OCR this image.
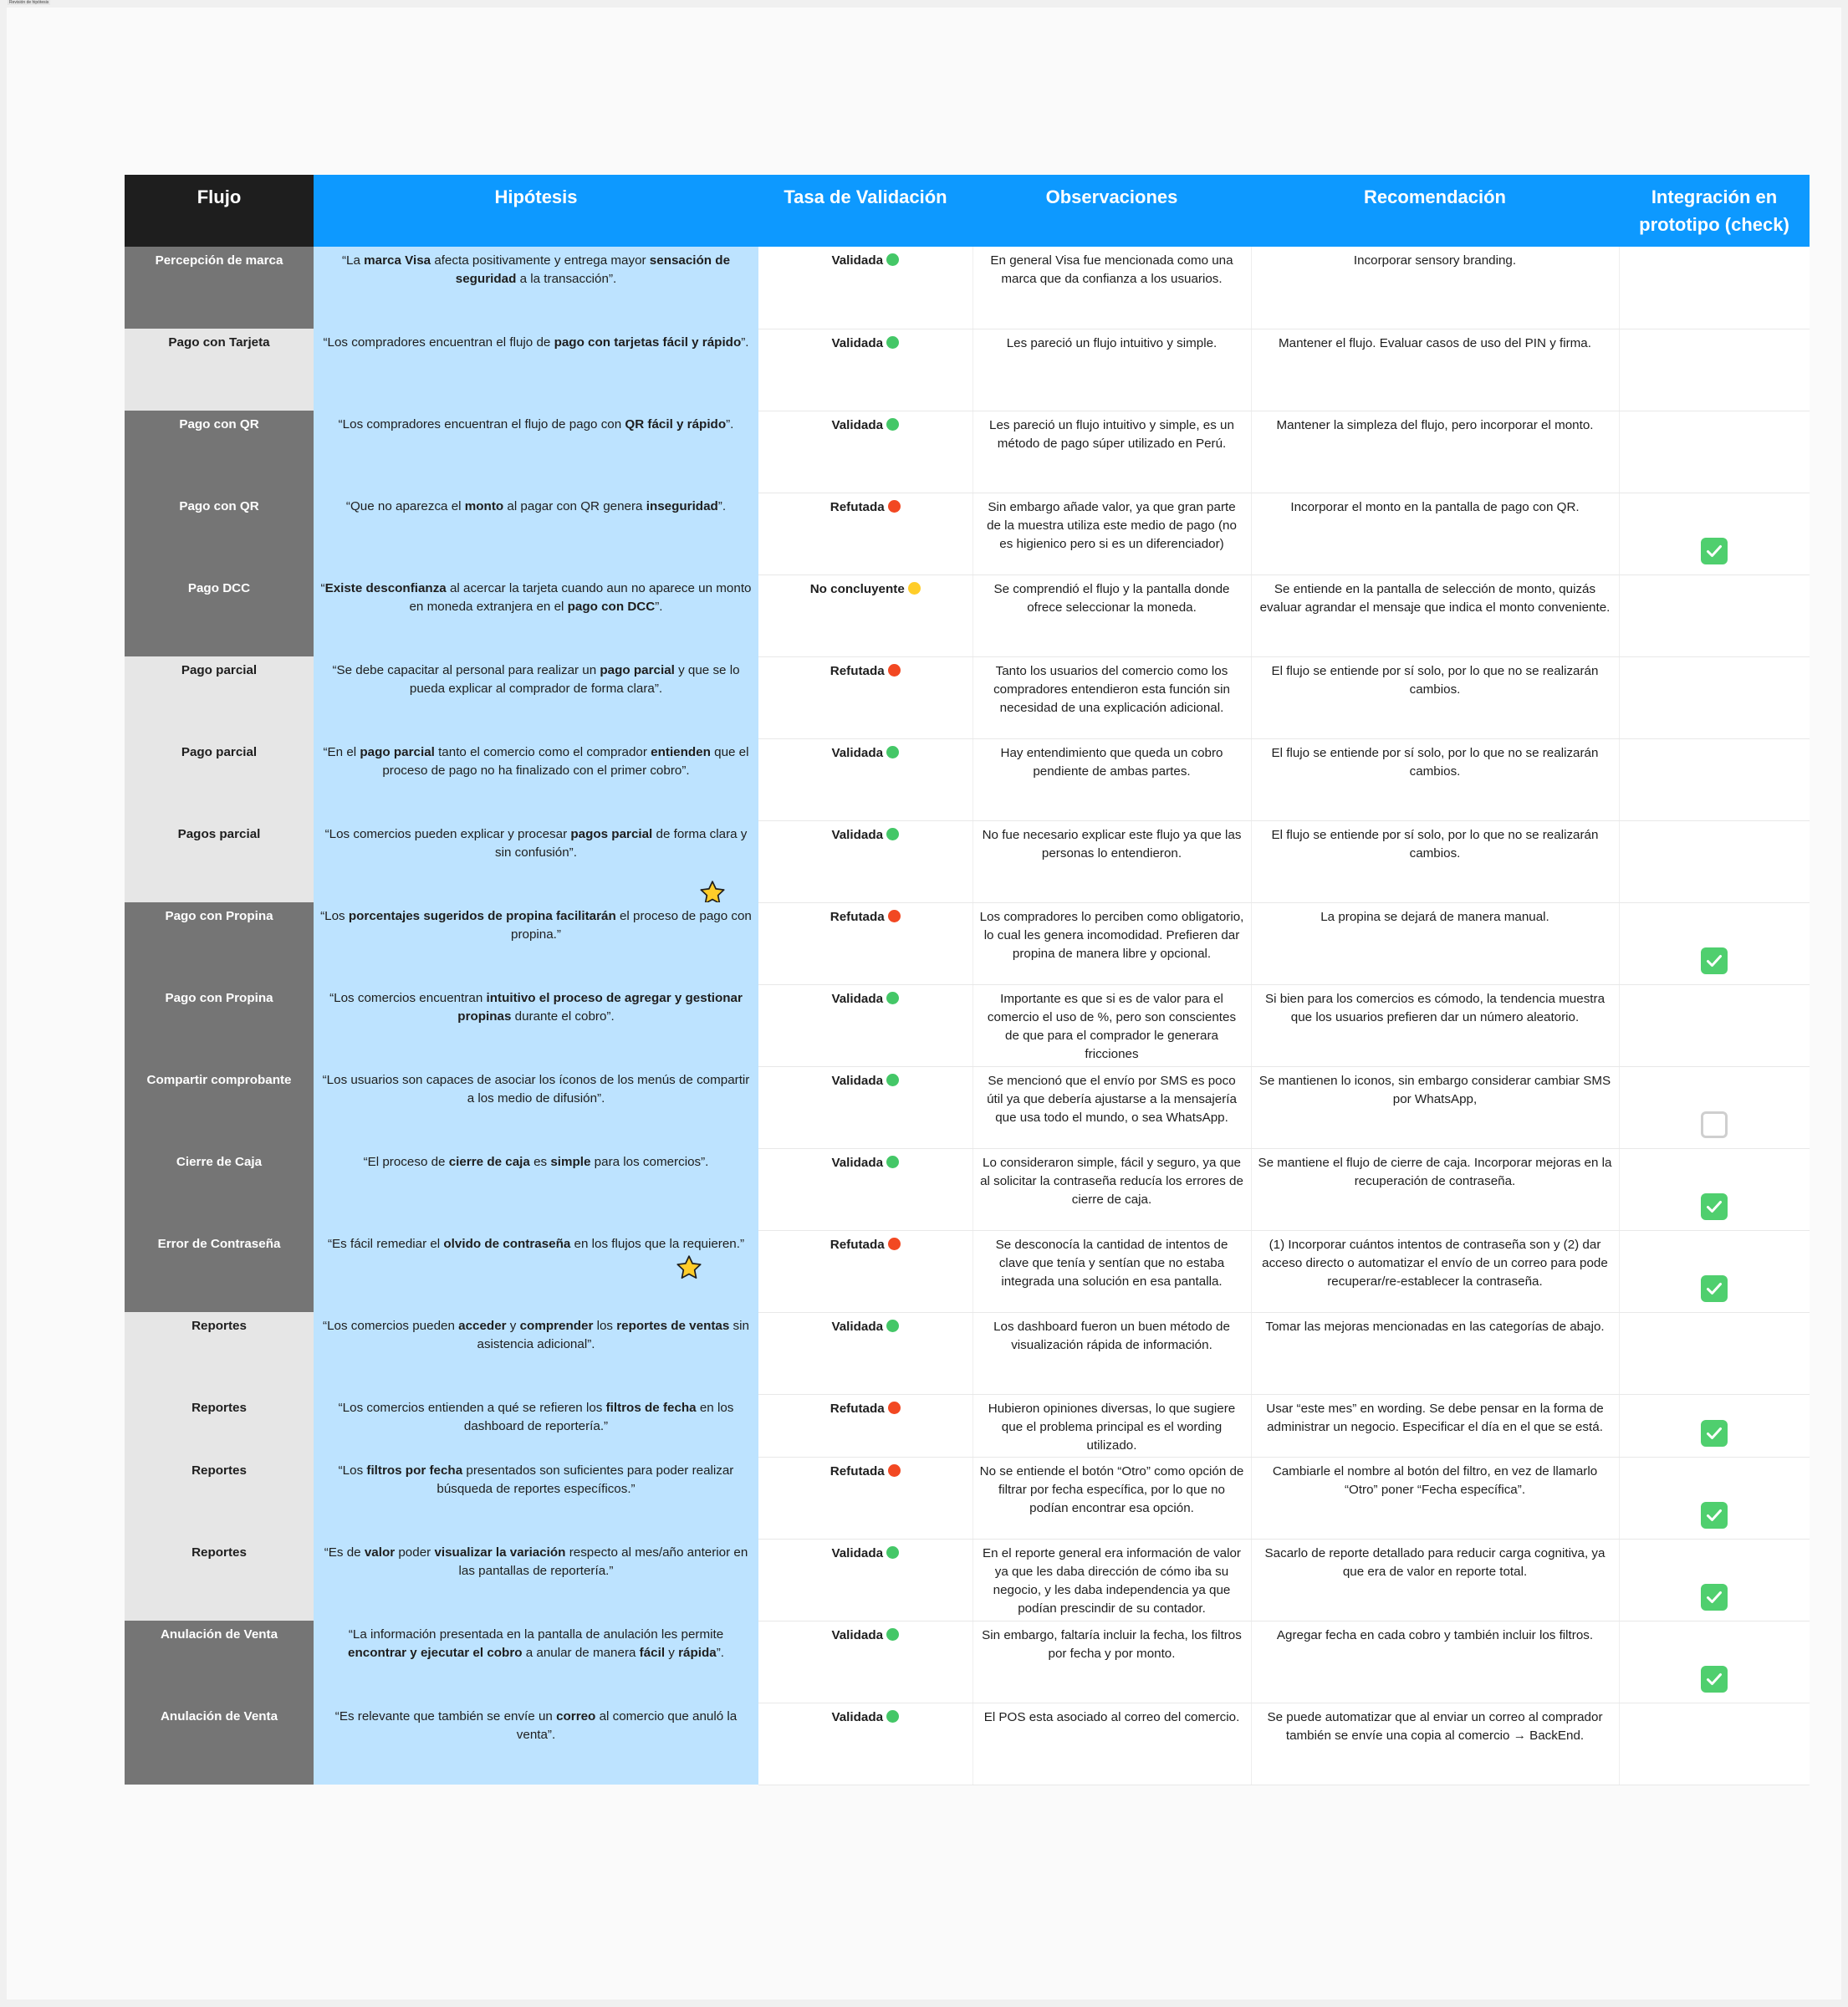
Revisión de hipótesis
Flujo	Hipótesis	Tasa de Validación	Observaciones	Recomendación	Integración en prototipo (check)
Percepción de marca	“La marca Visa afecta positivamente y entrega mayor sensación de seguridad a la transacción”.	Validada	En general Visa fue mencionada como una marca que da confianza a los usuarios.	Incorporar sensory branding.	
Pago con Tarjeta	“Los compradores encuentran el flujo de pago con tarjetas fácil y rápido”.	Validada	Les pareció un flujo intuitivo y simple.	Mantener el flujo. Evaluar casos de uso del PIN y firma.	
Pago con QR	“Los compradores encuentran el flujo de pago con QR fácil y rápido”.	Validada	Les pareció un flujo intuitivo y simple, es un método de pago súper utilizado en Perú.	Mantener la simpleza del flujo, pero incorporar el monto.	
Pago con QR	“Que no aparezca el monto al pagar con QR genera inseguridad”.	Refutada	Sin embargo añade valor, ya que gran parte de la muestra utiliza este medio de pago (no es higienico pero si es un diferenciador)	Incorporar el monto en la pantalla de pago con QR.	

Pago DCC	“Existe desconfianza al acercar la tarjeta cuando aun no aparece un monto en moneda extranjera en el pago con DCC”.	No concluyente	Se comprendió el flujo y la pantalla donde ofrece seleccionar la moneda.	Se entiende en la pantalla de selección de monto, quizás evaluar agrandar el mensaje que indica el monto conveniente.	
Pago parcial	“Se debe capacitar al personal para realizar un pago parcial y que se lo pueda explicar al comprador de forma clara”.	Refutada	Tanto los usuarios del comercio como los compradores entendieron esta función sin necesidad de una explicación adicional.	El flujo se entiende por sí solo, por lo que no se realizarán cambios.	
Pago parcial	“En el pago parcial tanto el comercio como el comprador entienden que el proceso de pago no ha finalizado con el primer cobro”.	Validada	Hay entendimiento que queda un cobro pendiente de ambas partes.	El flujo se entiende por sí solo, por lo que no se realizarán cambios.	
Pagos parcial	“Los comercios pueden explicar y procesar pagos parcial de forma clara y sin confusión”.	Validada	No fue necesario explicar este flujo ya que las personas lo entendieron.	El flujo se entiende por sí solo, por lo que no se realizarán cambios.	
Pago con Propina	“Los porcentajes sugeridos de propina facilitarán el proceso de pago con propina.”	Refutada	Los compradores lo perciben como obligatorio, lo cual les genera incomodidad. Prefieren dar propina de manera libre y opcional.	La propina se dejará de manera manual.	

Pago con Propina	“Los comercios encuentran intuitivo el proceso de agregar y gestionar propinas durante el cobro”.	Validada	Importante es que si es de valor para el comercio el uso de %, pero son conscientes de que para el comprador le generara fricciones	Si bien para los comercios es cómodo, la tendencia muestra que los usuarios prefieren dar un número aleatorio.	
Compartir comprobante	“Los usuarios son capaces de asociar los íconos de los menús de compartir a los medio de difusión”.	Validada	Se mencionó que el envío por SMS es poco útil ya que debería ajustarse a la mensajería que usa todo el mundo, o sea WhatsApp.	Se mantienen lo iconos, sin embargo considerar cambiar SMS por WhatsApp,	

Cierre de Caja	“El proceso de cierre de caja es simple para los comercios”.	Validada	Lo consideraron simple, fácil y seguro, ya que al solicitar la contraseña reducía los errores de cierre de caja.	Se mantiene el flujo de cierre de caja. Incorporar mejoras en la recuperación de contraseña.	

Error de Contraseña	“Es fácil remediar el olvido de contraseña en los flujos que la requieren.”	Refutada	Se desconocía la cantidad de intentos de clave que tenía y sentían que no estaba integrada una solución en esa pantalla.	(1) Incorporar cuántos intentos de contraseña son y (2) dar acceso directo o automatizar el envío de un correo para pode recuperar/re-establecer la contraseña.	

Reportes	“Los comercios pueden acceder y comprender los reportes de ventas sin asistencia adicional”.	Validada	Los dashboard fueron un buen método de visualización rápida de información.	Tomar las mejoras mencionadas en las categorías de abajo.	
Reportes	“Los comercios entienden a qué se refieren los filtros de fecha en los dashboard de reportería.”	Refutada	Hubieron opiniones diversas, lo que sugiere que el problema principal es el wording utilizado.	Usar “este mes” en wording. Se debe pensar en la forma de administrar un negocio. Especificar el día en el que se está.	

Reportes	“Los filtros por fecha presentados son suficientes para poder realizar búsqueda de reportes específicos.”	Refutada	No se entiende el botón “Otro” como opción de filtrar por fecha específica, por lo que no podían encontrar esa opción.	Cambiarle el nombre al botón del filtro, en vez de llamarlo “Otro” poner “Fecha específica”.	

Reportes	“Es de valor poder visualizar la variación respecto al mes/año anterior en las pantallas de reportería.”	Validada	En el reporte general era información de valor ya que les daba dirección de cómo iba su negocio, y les daba independencia ya que podían prescindir de su contador.	Sacarlo de reporte detallado para reducir carga cognitiva, ya que era de valor en reporte total.	

Anulación de Venta	“La información presentada en la pantalla de anulación les permite encontrar y ejecutar el cobro a anular de manera fácil y rápida”.	Validada	Sin embargo, faltaría incluir la fecha, los filtros por fecha y por monto.	Agregar fecha en cada cobro y también incluir los filtros.	

Anulación de Venta	“Es relevante que también se envíe un correo al comercio que anuló la venta”.	Validada	El POS esta asociado al correo del comercio.	Se puede automatizar que al enviar un correo al comprador también se envíe una copia al comercio → BackEnd.	
